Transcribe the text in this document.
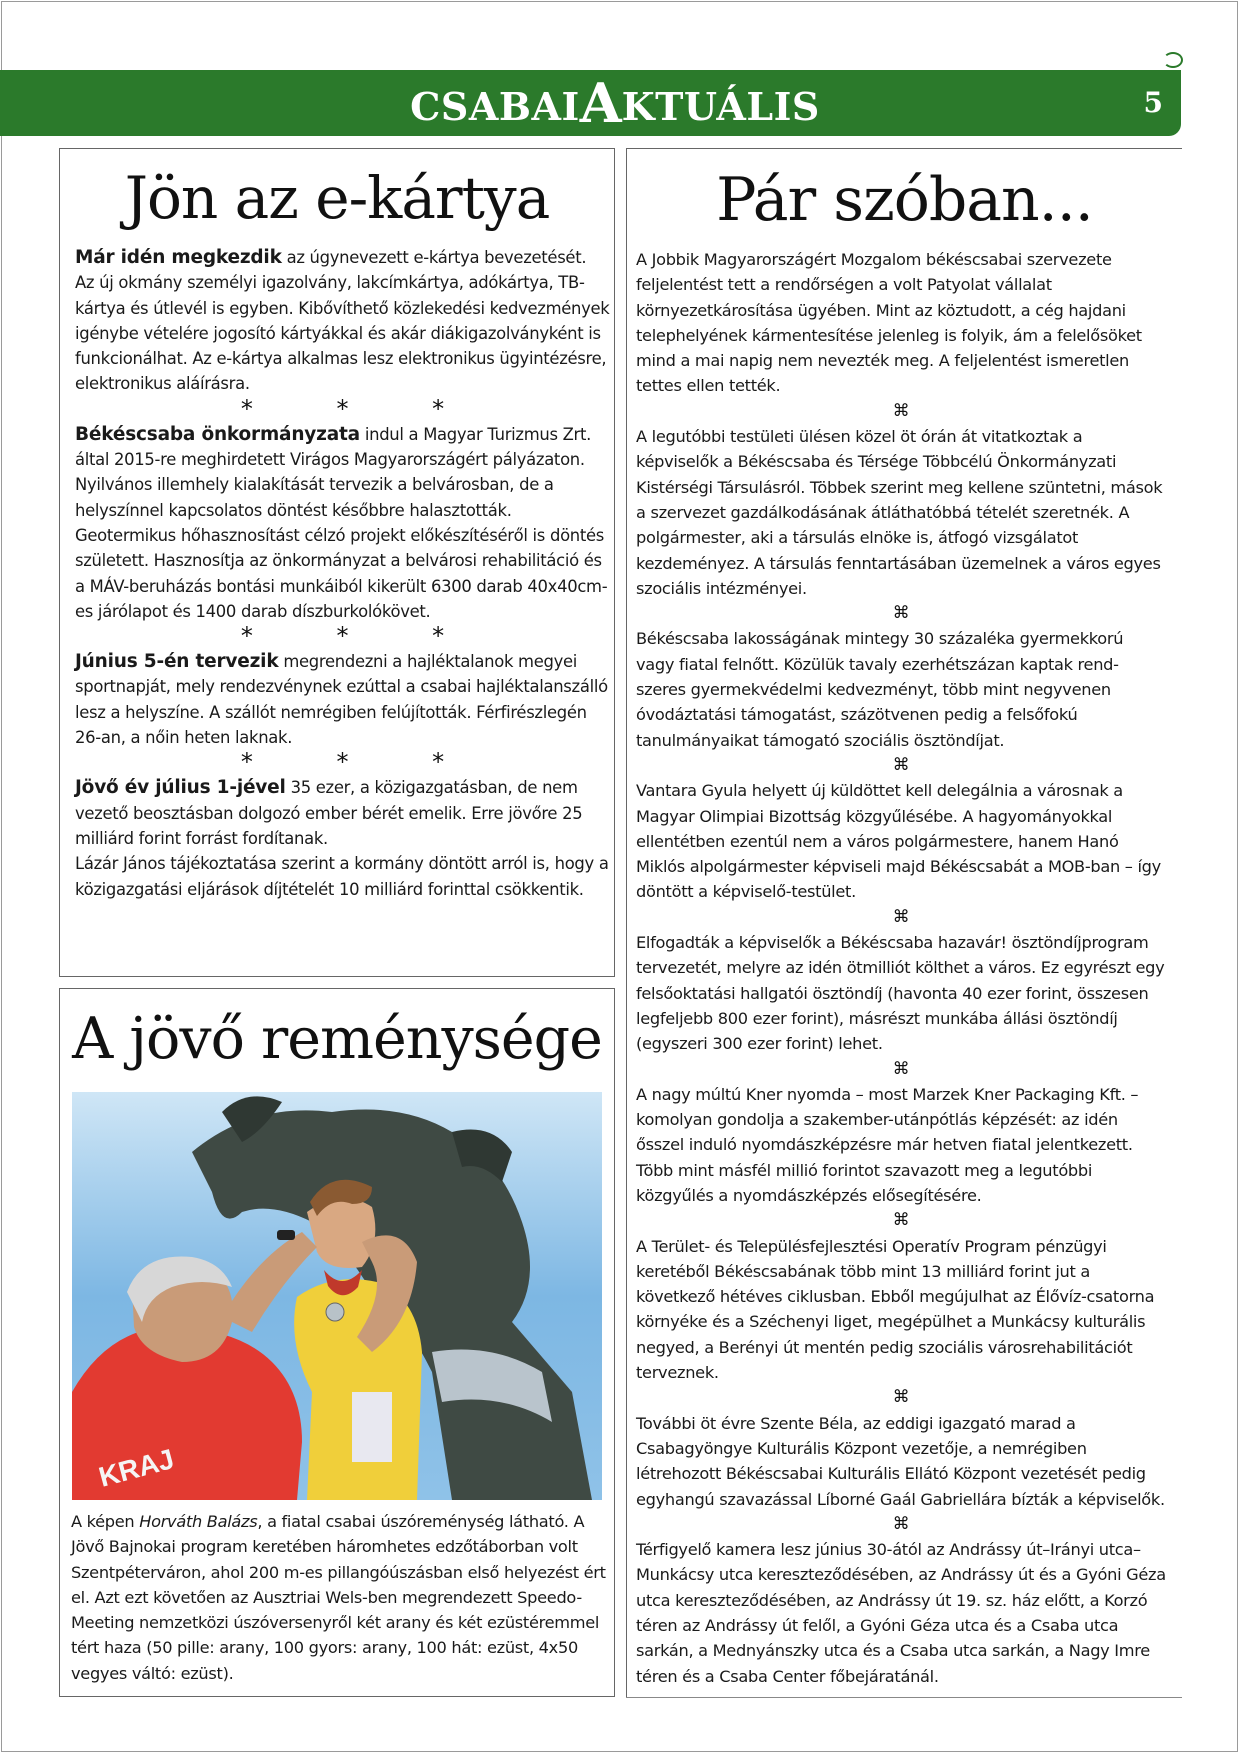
CSABAIAKTUÁLIS	5
Jön az e-kártya

Már idén megkezdik az úgynevezett e-kártya bevezetését. Az új okmány személyi igazolvány, lakcímkártya, adókártya, TB-kártya és útlevél is egyben. Kibővíthető közlekedési kedvezmények igénybe vételére jogosító kártyákkal és akár diákigazolványként is funkcionálhat. Az e-kártya alkalmas lesz elektronikus ügyintézésre, elektronikus aláírásra.

* * *

Békéscsaba önkormányzata indul a Magyar Turizmus Zrt. által 2015-re meghirdetett Virágos Magyarországért pályázaton. Nyilvános illemhely kialakítását tervezik a belvárosban, de a helyszínnel kapcsolatos döntést későbbre halasztották. Geotermikus hőhasznosítást célzó projekt előkészítéséről is döntés született. Hasznosítja az önkormányzat a belvárosi rehabilitáció és a MÁV-beruházás bontási munkáiból kikerült 6300 darab 40x40cm-es járólapot és 1400 darab díszburkolókövet.

* * *

Június 5-én tervezik megrendezni a hajléktalanok megyei sportnapját, mely rendezvénynek ezúttal a csabai hajléktalanszálló lesz a helyszíne. A szállót nemrégiben felújították. Férfirészlegén 26-an, a nőin heten laknak.

* * *

Jövő év július 1-jével 35 ezer, a közigazgatásban, de nem vezető beosztásban dolgozó ember bérét emelik. Erre jövőre 25 milliárd forint forrást fordítanak.

Lázár János tájékoztatása szerint a kormány döntött arról is, hogy a közigazgatási eljárások díjtételét 10 milliárd forinttal csökkentik.

A jövő reménysége
KRAJ

A képen Horváth Balázs, a fiatal csabai úszóreménység látható. A Jövő Bajnokai program keretében háromhetes edzőtáborban volt Szentpéterváron, ahol 200 m-es pillangóúszásban első helyezést ért el. Azt ezt követően az Ausztriai Wels-ben megrendezett Speedo-Meeting nemzetközi úszóversenyről két arany és két ezüstéremmel tért haza (50 pille: arany, 100 gyors: arany, 100 hát: ezüst, 4x50 vegyes váltó: ezüst).

Pár szóban...

A Jobbik Magyarországért Mozgalom békéscsabai szervezete feljelentést tett a rendőrségen a volt Patyolat vállalat környezetkárosítása ügyében. Mint az köztudott, a cég hajdani telephelyének kármentesítése jelenleg is folyik, ám a felelősöket mind a mai napig nem nevezték meg. A feljelentést ismeretlen tettes ellen tették.

⌘

A legutóbbi testületi ülésen közel öt órán át vitatkoztak a képviselők a Békéscsaba és Térsége Többcélú Önkormányzati Kistérségi Társulásról. Többek szerint meg kellene szüntetni, mások a szervezet gazdálkodásának átláthatóbbá tételét szeretnék. A polgármester, aki a társulás elnöke is, átfogó vizsgálatot kezdeményez. A társulás fenntartásában üzemelnek a város egyes szociális intézményei.

⌘

Békéscsaba lakosságának mintegy 30 százaléka gyermekkorú vagy fiatal felnőtt. Közülük tavaly ezerhétszázan kaptak rend-szeres gyermekvédelmi kedvezményt, több mint negyvenen óvodáztatási támogatást, százötvenen pedig a felsőfokú tanulmányaikat támogató szociális ösztöndíjat.

⌘

Vantara Gyula helyett új küldöttet kell delegálnia a városnak a Magyar Olimpiai Bizottság közgyűlésébe. A hagyományokkal ellentétben ezentúl nem a város polgármestere, hanem Hanó Miklós alpolgármester képviseli majd Békéscsabát a MOB-ban – így döntött a képviselő-testület.

⌘

Elfogadták a képviselők a Békéscsaba hazavár! ösztöndíjprogram tervezetét, melyre az idén ötmilliót költhet a város. Ez egyrészt egy felsőoktatási hallgatói ösztöndíj (havonta 40 ezer forint, összesen legfeljebb 800 ezer forint), másrészt munkába állási ösztöndíj (egyszeri 300 ezer forint) lehet.

⌘

A nagy múltú Kner nyomda – most Marzek Kner Packaging Kft. – komolyan gondolja a szakember-utánpótlás képzését: az idén ősszel induló nyomdászképzésre már hetven fiatal jelentkezett. Több mint másfél millió forintot szavazott meg a legutóbbi közgyűlés a nyomdászképzés elősegítésére.

⌘

A Terület- és Településfejlesztési Operatív Program pénzügyi keretéből Békéscsabának több mint 13 milliárd forint jut a következő hétéves ciklusban. Ebből megújulhat az Élővíz-csatorna környéke és a Széchenyi liget, megépülhet a Munkácsy kulturális negyed, a Berényi út mentén pedig szociális városrehabilitációt terveznek.

⌘

További öt évre Szente Béla, az eddigi igazgató marad a Csabagyöngye Kulturális Központ vezetője, a nemrégiben létrehozott Békéscsabai Kulturális Ellátó Központ vezetését pedig egyhangú szavazással Líborné Gaál Gabriellára bízták a képviselők.

⌘

Térfigyelő kamera lesz június 30-ától az Andrássy út–Irányi utca–Munkácsy utca kereszteződésében, az Andrássy út és a Gyóni Géza utca kereszteződésében, az Andrássy út 19. sz. ház előtt, a Korzó téren az Andrássy út felől, a Gyóni Géza utca és a Csaba utca sarkán, a Mednyánszky utca és a Csaba utca sarkán, a Nagy Imre téren és a Csaba Center főbejáratánál.
